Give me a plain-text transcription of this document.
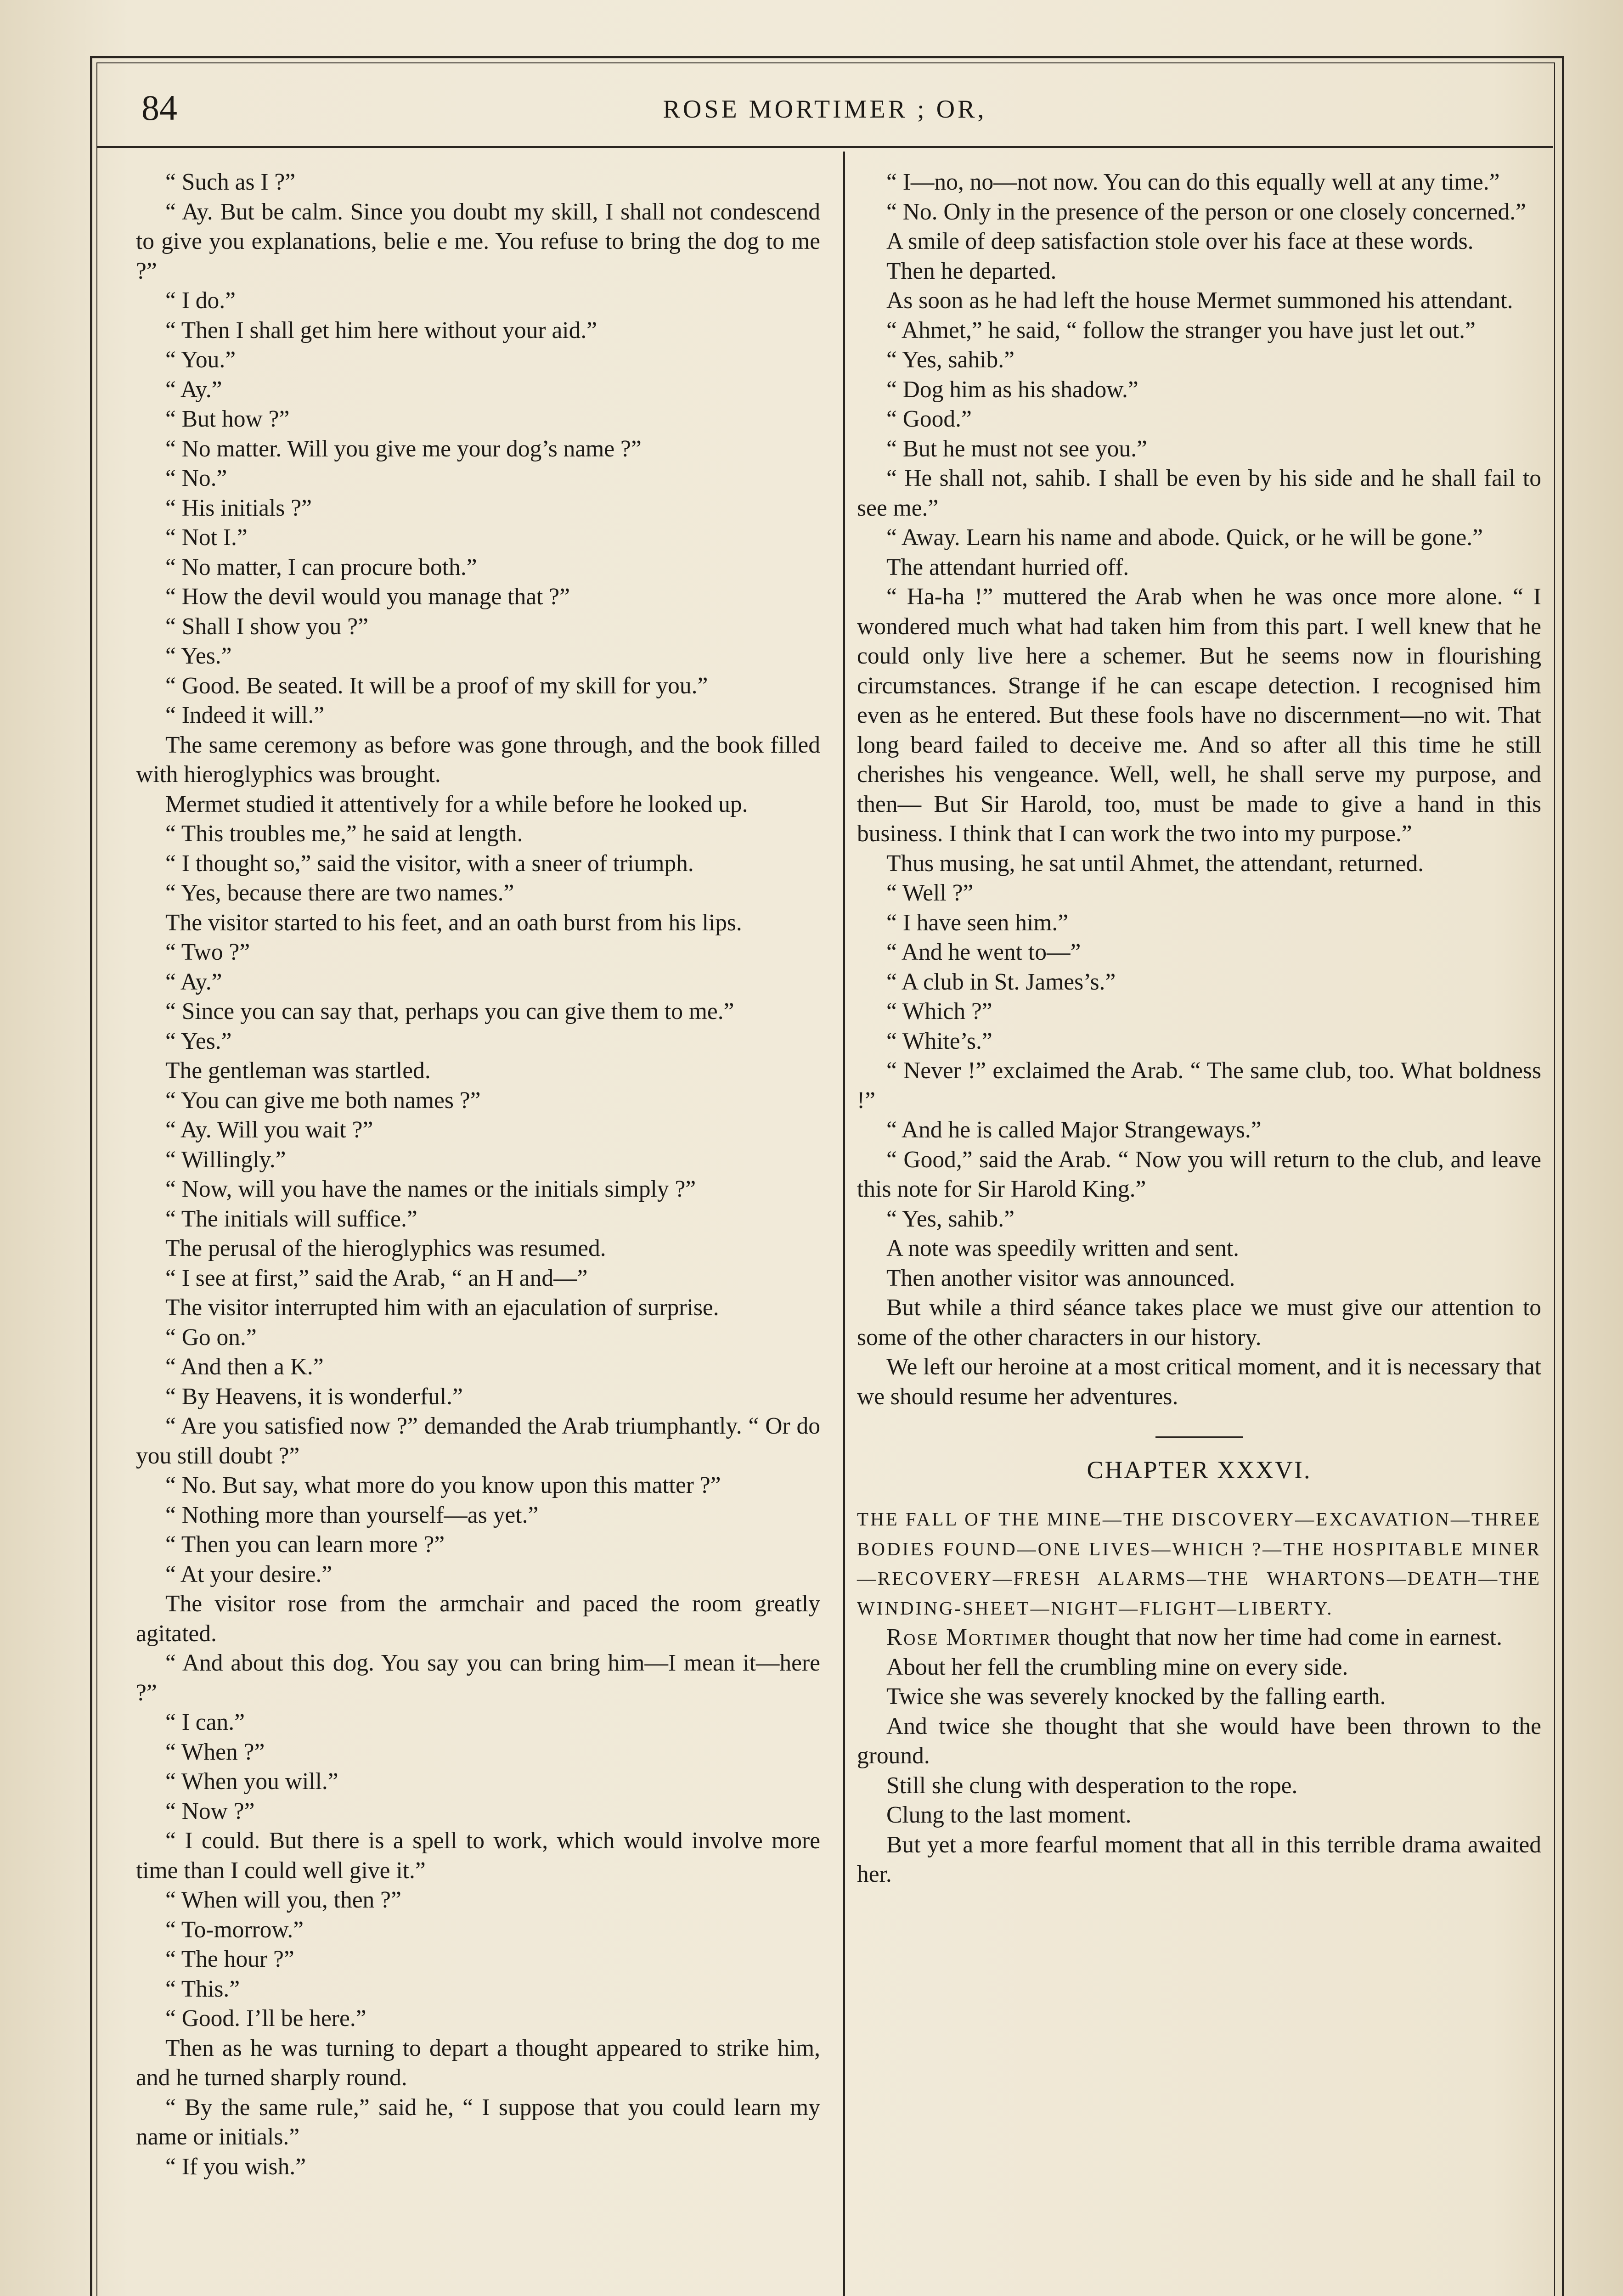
84	ROSE MORTIMER ; OR,

“ Such as I ?”

“ Ay. But be calm. Since you doubt my skill, I shall not condescend to give you explanations, belie e me. You refuse to bring the dog to me ?”

“ I do.”

“ Then I shall get him here without your aid.”

“ You.”

“ Ay.”

“ But how ?”

“ No matter. Will you give me your dog’s name ?”

“ No.”

“ His initials ?”

“ Not I.”

“ No matter, I can procure both.”

“ How the devil would you manage that ?”

“ Shall I show you ?”

“ Yes.”

“ Good. Be seated. It will be a proof of my skill for you.”

“ Indeed it will.”

The same ceremony as before was gone through, and the book filled with hieroglyphics was brought.

Mermet studied it attentively for a while before he looked up.

“ This troubles me,” he said at length.

“ I thought so,” said the visitor, with a sneer of triumph.

“ Yes, because there are two names.”

The visitor started to his feet, and an oath burst from his lips.

“ Two ?”

“ Ay.”

“ Since you can say that, perhaps you can give them to me.”

“ Yes.”

The gentleman was startled.

“ You can give me both names ?”

“ Ay. Will you wait ?”

“ Willingly.”

“ Now, will you have the names or the initials simply ?”

“ The initials will suffice.”

The perusal of the hieroglyphics was resumed.

“ I see at first,” said the Arab, “ an H and—”

The visitor interrupted him with an ejaculation of surprise.

“ Go on.”

“ And then a K.”

“ By Heavens, it is wonderful.”

“ Are you satisfied now ?” demanded the Arab triumphantly. “ Or do you still doubt ?”

“ No. But say, what more do you know upon this matter ?”

“ Nothing more than yourself—as yet.”

“ Then you can learn more ?”

“ At your desire.”

The visitor rose from the armchair and paced the room greatly agitated.

“ And about this dog. You say you can bring him—I mean it—here ?”

“ I can.”

“ When ?”

“ When you will.”

“ Now ?”

“ I could. But there is a spell to work, which would involve more time than I could well give it.”

“ When will you, then ?”

“ To-morrow.”

“ The hour ?”

“ This.”

“ Good. I’ll be here.”

Then as he was turning to depart a thought appeared to strike him, and he turned sharply round.

“ By the same rule,” said he, “ I suppose that you could learn my name or initials.”

“ If you wish.”

“ I—no, no—not now. You can do this equally well at any time.”

“ No. Only in the presence of the person or one closely concerned.”

A smile of deep satisfaction stole over his face at these words.

Then he departed.

As soon as he had left the house Mermet summoned his attendant.

“ Ahmet,” he said, “ follow the stranger you have just let out.”

“ Yes, sahib.”

“ Dog him as his shadow.”

“ Good.”

“ But he must not see you.”

“ He shall not, sahib. I shall be even by his side and he shall fail to see me.”

“ Away. Learn his name and abode. Quick, or he will be gone.”

The attendant hurried off.

“ Ha-ha !” muttered the Arab when he was once more alone. “ I wondered much what had taken him from this part. I well knew that he could only live here a schemer. But he seems now in flourishing circumstances. Strange if he can escape detection. I recognised him even as he entered. But these fools have no discernment—no wit. That long beard failed to deceive me. And so after all this time he still cherishes his vengeance. Well, well, he shall serve my purpose, and then— But Sir Harold, too, must be made to give a hand in this business. I think that I can work the two into my purpose.”

Thus musing, he sat until Ahmet, the attendant, returned.

“ Well ?”

“ I have seen him.”

“ And he went to—”

“ A club in St. James’s.”

“ Which ?”

“ White’s.”

“ Never !” exclaimed the Arab. “ The same club, too. What boldness !”

“ And he is called Major Strangeways.”

“ Good,” said the Arab. “ Now you will return to the club, and leave this note for Sir Harold King.”

“ Yes, sahib.”

A note was speedily written and sent.

Then another visitor was announced.

But while a third séance takes place we must give our attention to some of the other characters in our history.

We left our heroine at a most critical moment, and it is necessary that we should resume her adventures.

CHAPTER XXXVI.

THE FALL OF THE MINE—THE DISCOVERY—EXCAVATION—THREE BODIES FOUND—ONE LIVES—WHICH ?—THE HOSPITABLE MINER—RECOVERY—FRESH ALARMS—THE WHARTONS—DEATH—THE WINDING-SHEET—NIGHT—FLIGHT—LIBERTY.

Rose Mortimer thought that now her time had come in earnest.

About her fell the crumbling mine on every side.

Twice she was severely knocked by the falling earth.

And twice she thought that she would have been thrown to the ground.

Still she clung with desperation to the rope.

Clung to the last moment.

But yet a more fearful moment that all in this terrible drama awaited her.
